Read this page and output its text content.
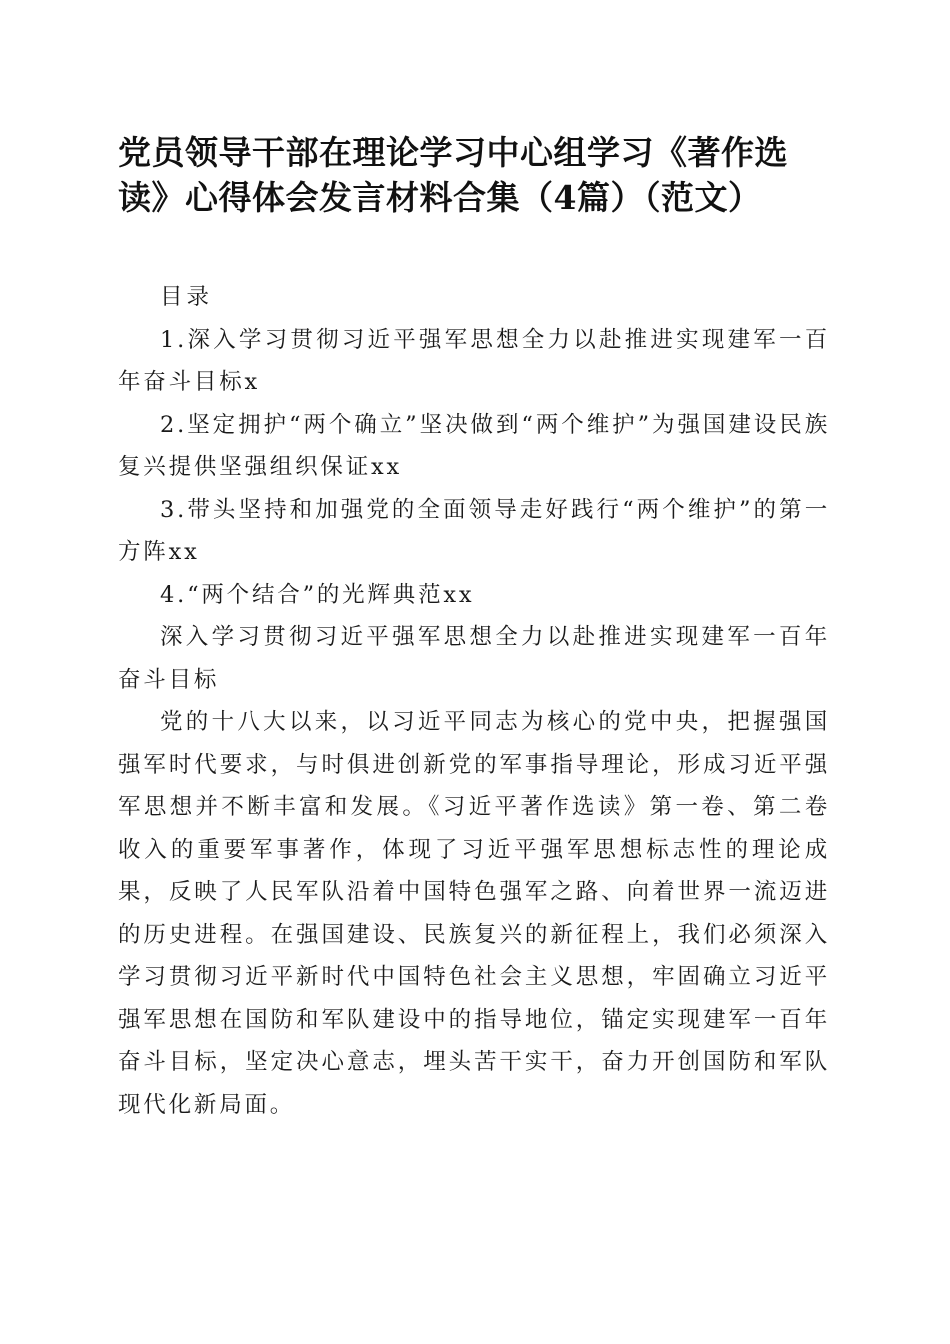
党员领导干部在理论学习中心组学习《著作选读》心得体会发言材料合集（4篇）（范文）

目录

1.深入学习贯彻习近平强军思想全力以赴推进实现建军一百年奋斗目标x

2.坚定拥护“两个确立”坚决做到“两个维护”为强国建设民族复兴提供坚强组织保证xx

3.带头坚持和加强党的全面领导走好践行“两个维护”的第一方阵xx

4.“两个结合”的光辉典范xx

深入学习贯彻习近平强军思想全力以赴推进实现建军一百年奋斗目标

党的十八大以来，以习近平同志为核心的党中央，把握强国强军时代要求，与时俱进创新党的军事指导理论，形成习近平强军思想并不断丰富和发展。《习近平著作选读》第一卷、第二卷收入的重要军事著作，体现了习近平强军思想标志性的理论成果，反映了人民军队沿着中国特色强军之路、向着世界一流迈进的历史进程。在强国建设、民族复兴的新征程上，我们必须深入学习贯彻习近平新时代中国特色社会主义思想，牢固确立习近平强军思想在国防和军队建设中的指导地位，锚定实现建军一百年奋斗目标，坚定决心意志，埋头苦干实干，奋力开创国防和军队现代化新局面。
